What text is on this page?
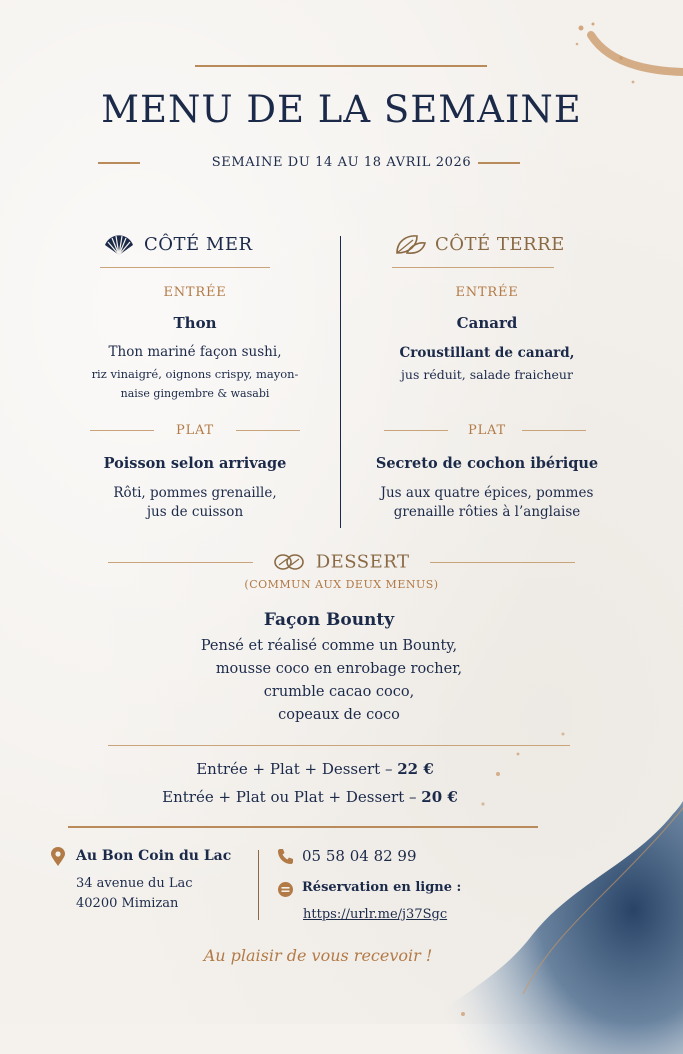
MENU DE LA SEMAINE
SEMAINE DU 14 AU 18 AVRIL 2026
CÔTÉ MER
ENTRÉE
Thon
Thon mariné façon sushi,
riz vinaigré, oignons crispy, mayon-
naise gingembre & wasabi
PLAT
Poisson selon arrivage
Rôti, pommes grenaille,
jus de cuisson
CÔTÉ TERRE
ENTRÉE
Canard
Croustillant de canard,
jus réduit, salade fraicheur
PLAT
Secreto de cochon ibérique
Jus aux quatre épices, pommes
grenaille rôties à l’anglaise
DESSERT
(COMMUN AUX DEUX MENUS)
Façon Bounty
Pensé et réalisé comme un Bounty,
mousse coco en enrobage rocher,
crumble cacao coco,
copeaux de coco
Entrée + Plat + Dessert – 22 €
Entrée + Plat ou Plat + Dessert – 20 €
Au Bon Coin du Lac
34 avenue du Lac
40200 Mimizan
05 58 04 82 99
Réservation en ligne :
https://urlr.me/j37Sgc
Au plaisir de vous recevoir !
